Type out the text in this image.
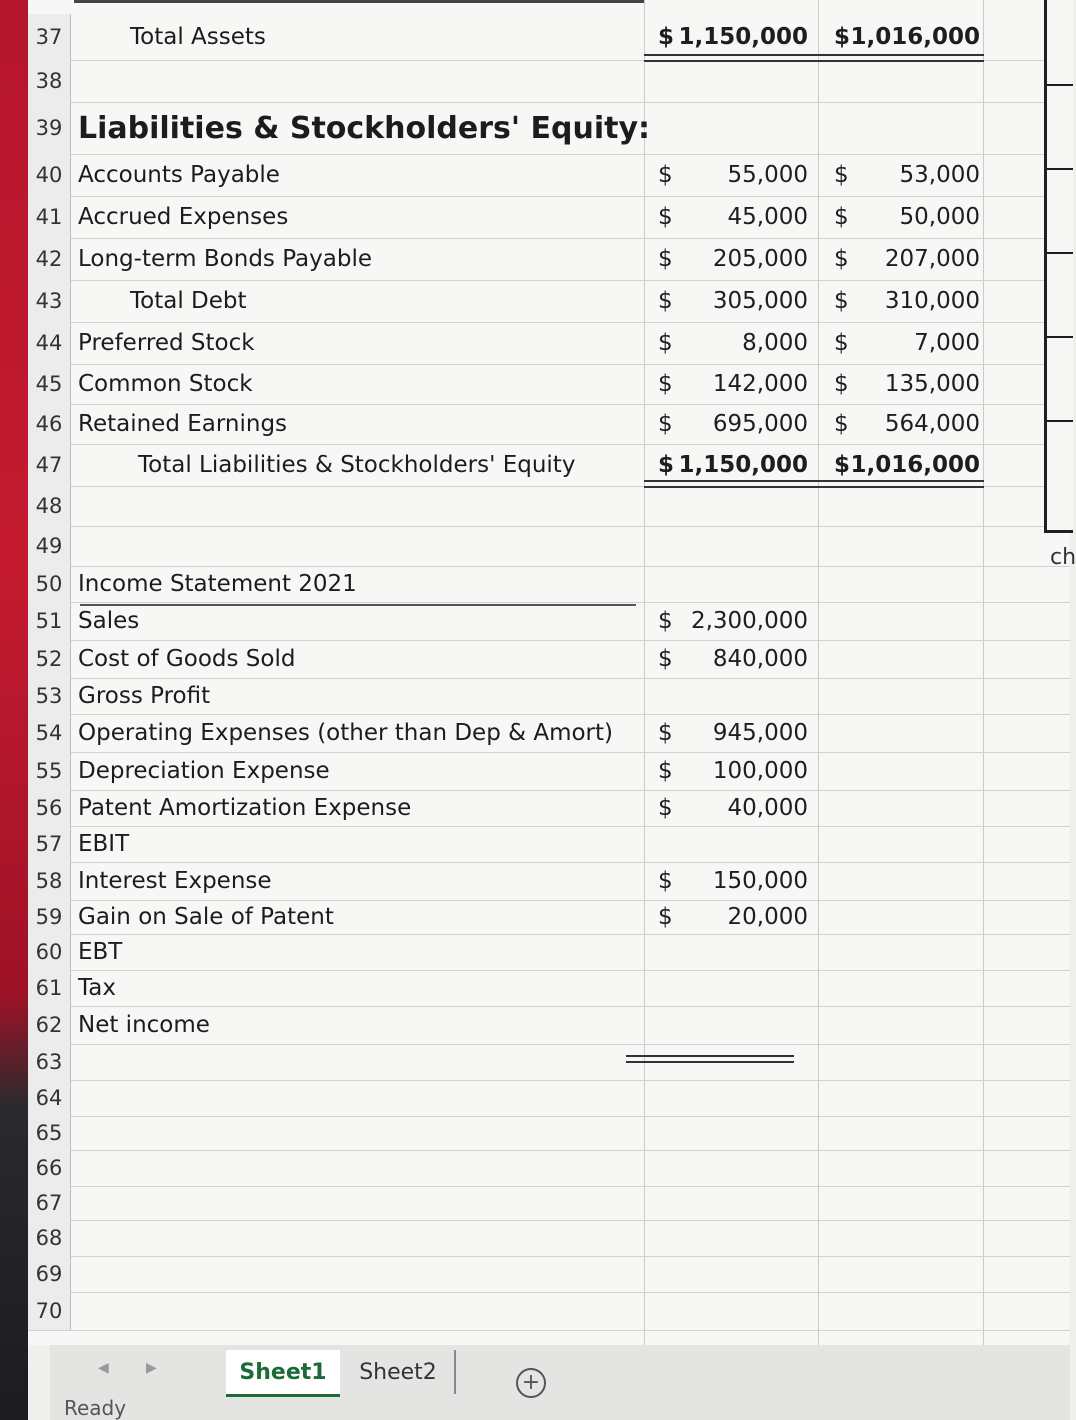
37	Total Assets	$ 1,150,000 $ 1,016,000
38
39 Liabilities & Stockholders' Equity:
40 Accounts Payable	$	55,000 $	53,000
41 Accrued Expenses	$	45,000 $	50,000
42 Long-term Bonds Payable	$	205,000 $	207,000
43	Total Debt	$	305,000 $	310,000
44 Preferred Stock	$	8,000 $	7,000
45 Common Stock	$	142,000 $	135,000
46 Retained Earnings	$	695,000 $	564,000
47	Total Liabilities & Stockholders' Equity	$ 1,150,000 $ 1,016,000
48
49
50 Income Statement 2021
51 Sales	$ 2,300,000
52 Cost of Goods Sold	$	840,000
53 Gross Profit
54 Operating Expenses (other than Dep & Amort) $	945,000
55 Depreciation Expense	$	100,000
56 Patent Amortization Expense	$	40,000
57 EBIT
58 Interest Expense	$	150,000
59 Gain on Sale of Patent	$	20,000
60 EBT
61 Tax
62 Net income
63
64
65
66
67
68
69
70
ch
◀	▶	Sheet1	Sheet2	+
Ready
